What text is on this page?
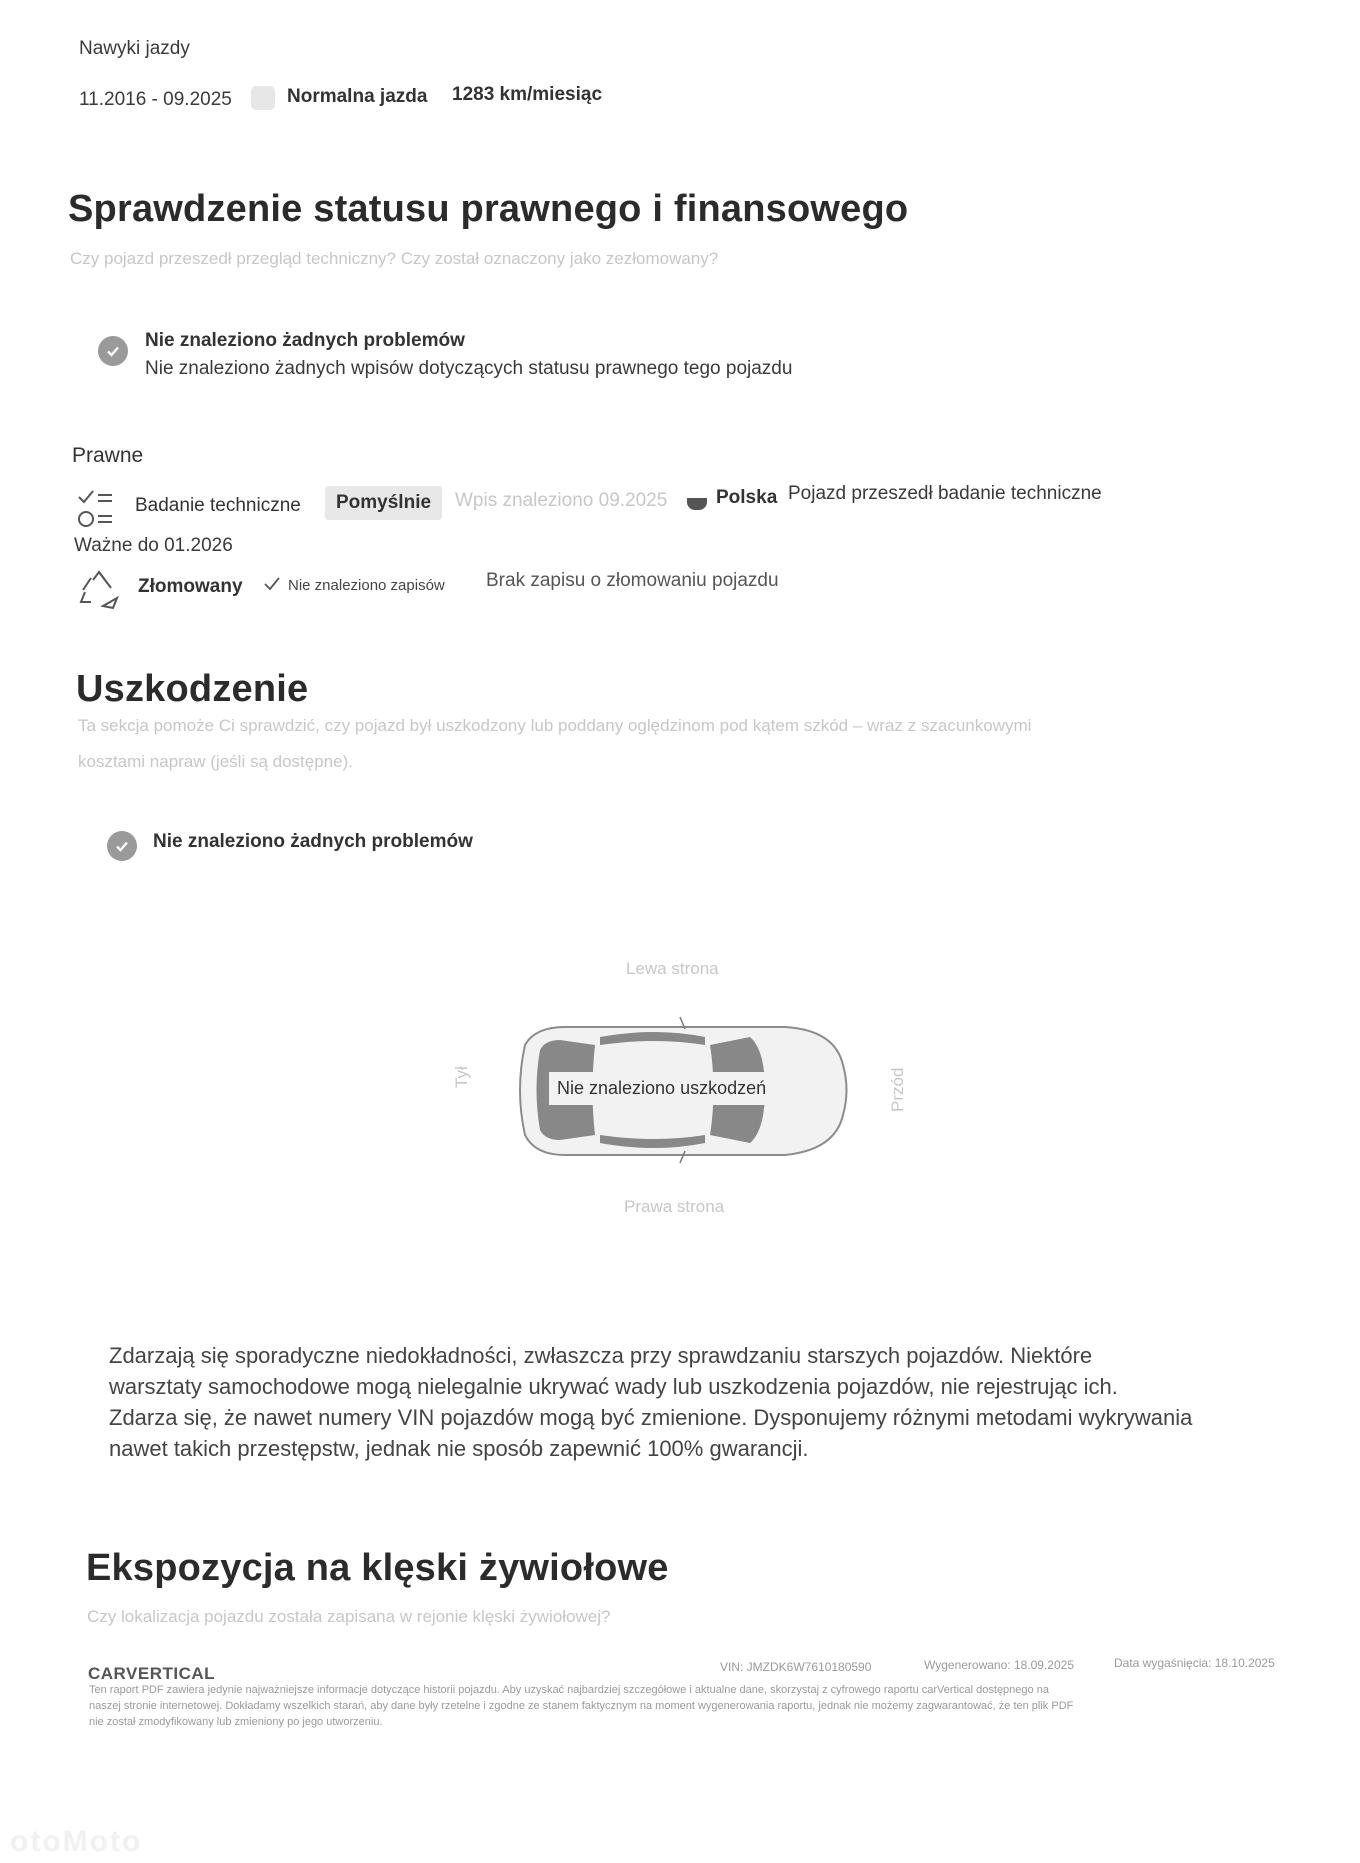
Nawyki jazdy
11.2016 - 09.2025	Normalna jazda 1283 km/miesiąc
Sprawdzenie statusu prawnego i finansowego
Czy pojazd przeszedł przegląd techniczny? Czy został oznaczony jako zezłomowany?
Nie znaleziono żadnych problemów
Nie znaleziono żadnych wpisów dotyczących statusu prawnego tego pojazdu
Prawne
Badanie techniczne	Pomyślnie	Wpis znaleziono 09.2025	Polska Pojazd przeszedł badanie techniczne
Ważne do 01.2026
Złomowany	Nie znaleziono zapisów Brak zapisu o złomowaniu pojazdu
Uszkodzenie
Ta sekcja pomoże Ci sprawdzić, czy pojazd był uszkodzony lub poddany oględzinom pod kątem szkód – wraz z szacunkowymi
kosztami napraw (jeśli są dostępne).
Nie znaleziono żadnych problemów
Lewa strona
Prawa strona
Tył	Przód
Nie znaleziono uszkodzeń
Zdarzają się sporadyczne niedokładności, zwłaszcza przy sprawdzaniu starszych pojazdów. Niektóre
warsztaty samochodowe mogą nielegalnie ukrywać wady lub uszkodzenia pojazdów, nie rejestrując ich.
Zdarza się, że nawet numery VIN pojazdów mogą być zmienione. Dysponujemy różnymi metodami wykrywania
nawet takich przestępstw, jednak nie sposób zapewnić 100% gwarancji.
Ekspozycja na klęski żywiołowe
Czy lokalizacja pojazdu została zapisana w rejonie klęski żywiołowej?
CARVERTICAL	VIN: JMZDK6W7610180590	Wygenerowano: 18.09.2025	Data wygaśnięcia: 18.10.2025
Ten raport PDF zawiera jedynie najważniejsze informacje dotyczące historii pojazdu. Aby uzyskać najbardziej szczegółowe i aktualne dane, skorzystaj z cyfrowego raportu carVertical dostępnego na
naszej stronie internetowej. Dokładamy wszelkich starań, aby dane były rzetelne i zgodne ze stanem faktycznym na moment wygenerowania raportu, jednak nie możemy zagwarantować, że ten plik PDF
nie został zmodyfikowany lub zmieniony po jego utworzeniu.
otoMoto
